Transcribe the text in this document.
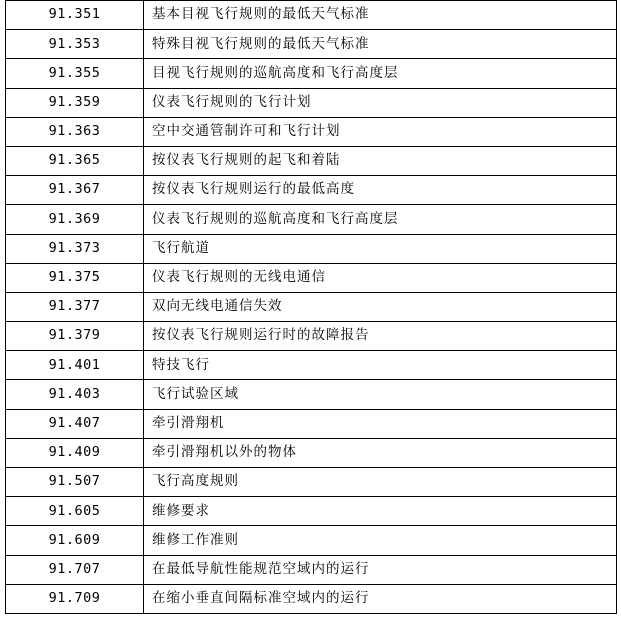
91.351	基本目视飞行规则的最低天气标准
91.353	特殊目视飞行规则的最低天气标准
91.355	目视飞行规则的巡航高度和飞行高度层
91.359	仪表飞行规则的飞行计划
91.363	空中交通管制许可和飞行计划
91.365	按仪表飞行规则的起飞和着陆
91.367	按仪表飞行规则运行的最低高度
91.369	仪表飞行规则的巡航高度和飞行高度层
91.373	飞行航道
91.375	仪表飞行规则的无线电通信
91.377	双向无线电通信失效
91.379	按仪表飞行规则运行时的故障报告
91.401	特技飞行
91.403	飞行试验区域
91.407	牵引滑翔机
91.409	牵引滑翔机以外的物体
91.507	飞行高度规则
91.605	维修要求
91.609	维修工作准则
91.707	在最低导航性能规范空域内的运行
91.709	在缩小垂直间隔标准空域内的运行
